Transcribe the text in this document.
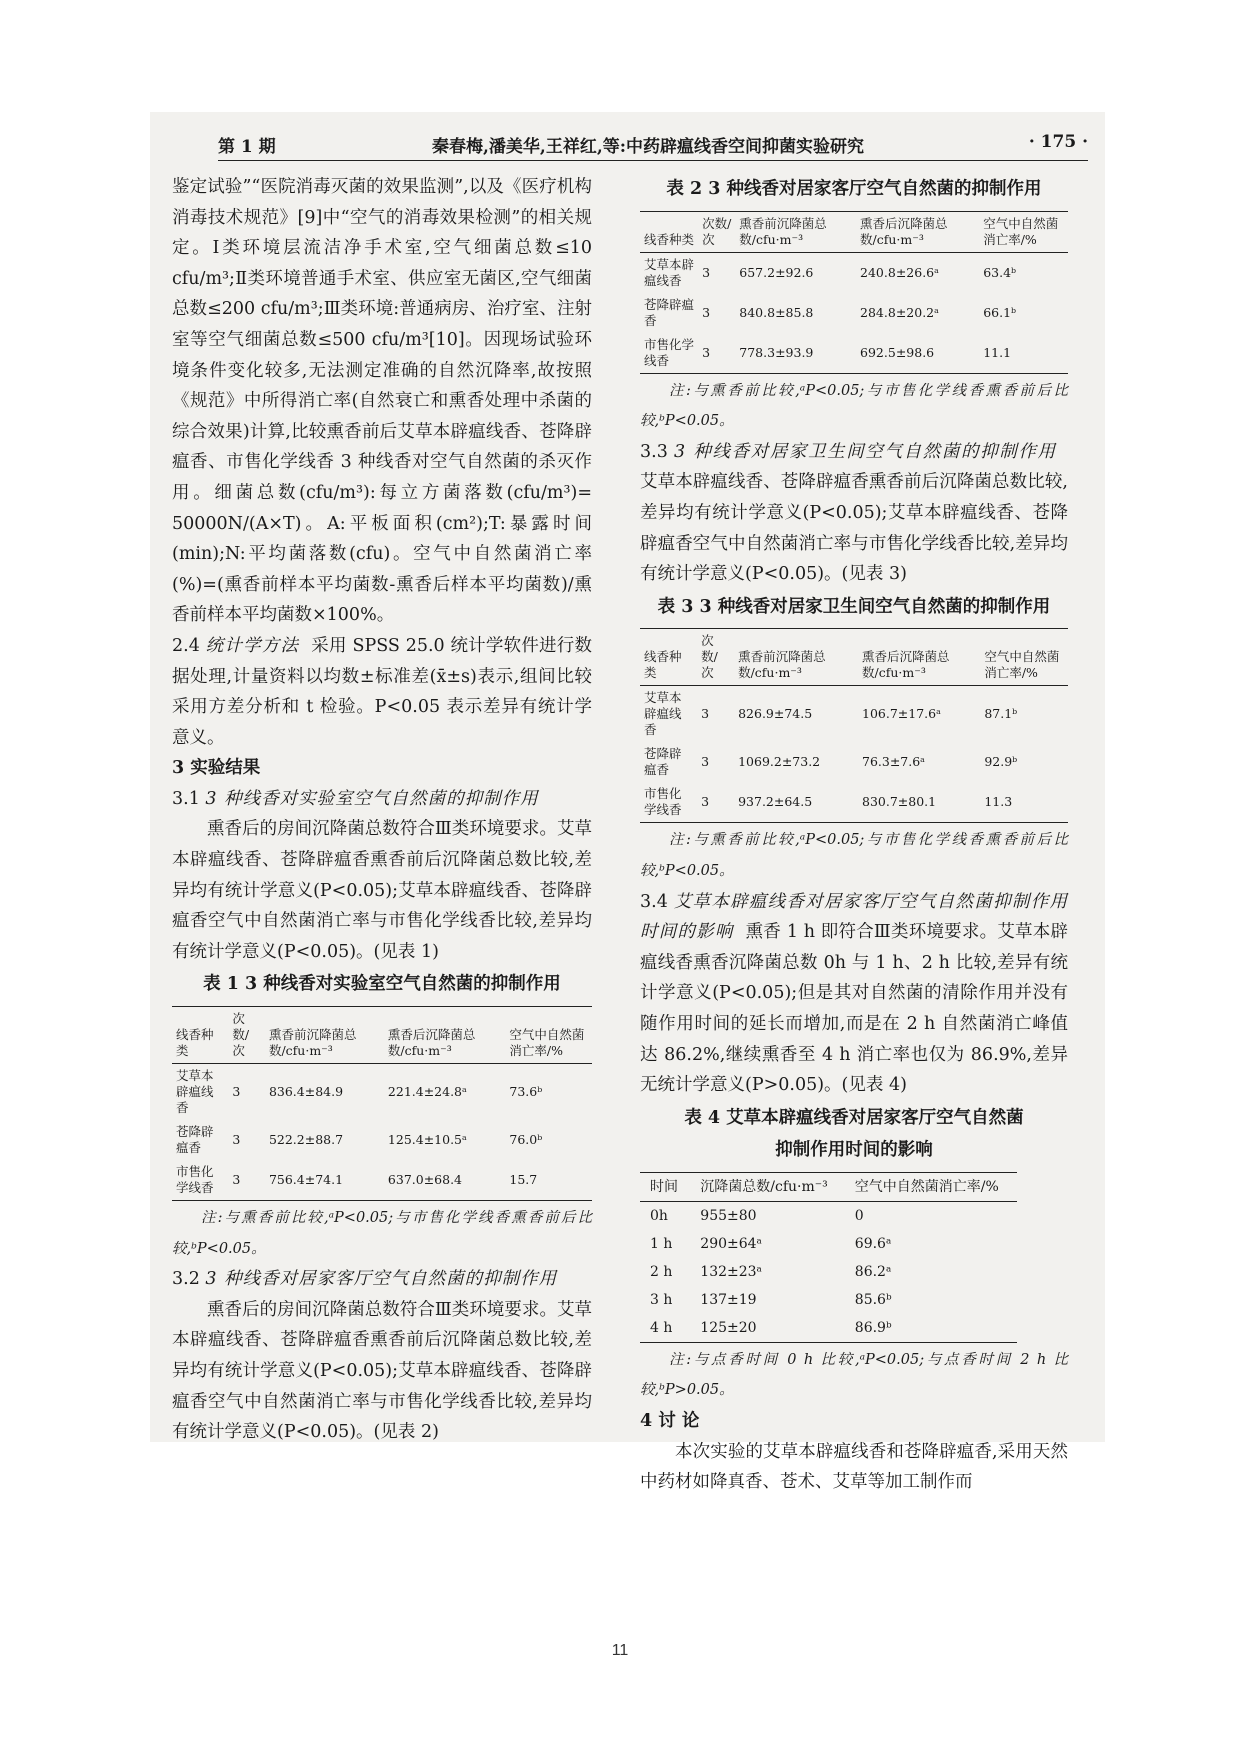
第 1 期	秦春梅,潘美华,王祥红,等:中药辟瘟线香空间抑菌实验研究	· 175 ·

鉴定试验”“医院消毒灭菌的效果监测”,以及《医疗机构消毒技术规范》[9]中“空气的消毒效果检测”的相关规定。Ⅰ类环境层流洁净手术室,空气细菌总数≤10 cfu/m³;Ⅱ类环境普通手术室、供应室无菌区,空气细菌总数≤200 cfu/m³;Ⅲ类环境:普通病房、治疗室、注射室等空气细菌总数≤500 cfu/m³[10]。因现场试验环境条件变化较多,无法测定准确的自然沉降率,故按照《规范》中所得消亡率(自然衰亡和熏香处理中杀菌的综合效果)计算,比较熏香前后艾草本辟瘟线香、苍降辟瘟香、市售化学线香 3 种线香对空气自然菌的杀灭作用。细菌总数(cfu/m³):每立方菌落数(cfu/m³)= 50000N/(A×T)。A:平板面积(cm²);T:暴露时间(min);N:平均菌落数(cfu)。空气中自然菌消亡率(%)=(熏香前样本平均菌数-熏香后样本平均菌数)/熏香前样本平均菌数×100%。

2.4 统计学方法 采用 SPSS 25.0 统计学软件进行数据处理,计量资料以均数±标准差(x̄±s)表示,组间比较采用方差分析和 t 检验。P<0.05 表示差异有统计学意义。

3 实验结果

3.1 3 种线香对实验室空气自然菌的抑制作用

熏香后的房间沉降菌总数符合Ⅲ类环境要求。艾草本辟瘟线香、苍降辟瘟香熏香前后沉降菌总数比较,差异均有统计学意义(P<0.05);艾草本辟瘟线香、苍降辟瘟香空气中自然菌消亡率与市售化学线香比较,差异均有统计学意义(P<0.05)。(见表 1)

表 1 3 种线香对实验室空气自然菌的抑制作用
线香种类	次数/次	熏香前沉降菌总数/cfu·m⁻³	熏香后沉降菌总数/cfu·m⁻³	空气中自然菌消亡率/%
艾草本辟瘟线香	3	836.4±84.9	221.4±24.8ᵃ	73.6ᵇ
苍降辟瘟香	3	522.2±88.7	125.4±10.5ᵃ	76.0ᵇ
市售化学线香	3	756.4±74.1	637.0±68.4	15.7

注:与熏香前比较,ᵃP<0.05;与市售化学线香熏香前后比较,ᵇP<0.05。

3.2 3 种线香对居家客厅空气自然菌的抑制作用

熏香后的房间沉降菌总数符合Ⅲ类环境要求。艾草本辟瘟线香、苍降辟瘟香熏香前后沉降菌总数比较,差异均有统计学意义(P<0.05);艾草本辟瘟线香、苍降辟瘟香空气中自然菌消亡率与市售化学线香比较,差异均有统计学意义(P<0.05)。(见表 2)

表 2 3 种线香对居家客厅空气自然菌的抑制作用
线香种类	次数/次	熏香前沉降菌总数/cfu·m⁻³	熏香后沉降菌总数/cfu·m⁻³	空气中自然菌消亡率/%
艾草本辟瘟线香	3	657.2±92.6	240.8±26.6ᵃ	63.4ᵇ
苍降辟瘟香	3	840.8±85.8	284.8±20.2ᵃ	66.1ᵇ
市售化学线香	3	778.3±93.9	692.5±98.6	11.1

注:与熏香前比较,ᵃP<0.05;与市售化学线香熏香前后比较,ᵇP<0.05。

3.3 3 种线香对居家卫生间空气自然菌的抑制作用艾草本辟瘟线香、苍降辟瘟香熏香前后沉降菌总数比较,差异均有统计学意义(P<0.05);艾草本辟瘟线香、苍降辟瘟香空气中自然菌消亡率与市售化学线香比较,差异均有统计学意义(P<0.05)。(见表 3)

表 3 3 种线香对居家卫生间空气自然菌的抑制作用
线香种类	次数/次	熏香前沉降菌总数/cfu·m⁻³	熏香后沉降菌总数/cfu·m⁻³	空气中自然菌消亡率/%
艾草本辟瘟线香	3	826.9±74.5	106.7±17.6ᵃ	87.1ᵇ
苍降辟瘟香	3	1069.2±73.2	76.3±7.6ᵃ	92.9ᵇ
市售化学线香	3	937.2±64.5	830.7±80.1	11.3

注:与熏香前比较,ᵃP<0.05;与市售化学线香熏香前后比较,ᵇP<0.05。

3.4 艾草本辟瘟线香对居家客厅空气自然菌抑制作用时间的影响 熏香 1 h 即符合Ⅲ类环境要求。艾草本辟瘟线香熏香沉降菌总数 0h 与 1 h、2 h 比较,差异有统计学意义(P<0.05);但是其对自然菌的清除作用并没有随作用时间的延长而增加,而是在 2 h 自然菌消亡峰值达 86.2%,继续熏香至 4 h 消亡率也仅为 86.9%,差异无统计学意义(P>0.05)。(见表 4)

表 4 艾草本辟瘟线香对居家客厅空气自然菌
抑制作用时间的影响
时间	沉降菌总数/cfu·m⁻³	空气中自然菌消亡率/%
0h	955±80	0
1 h	290±64ᵃ	69.6ᵃ
2 h	132±23ᵃ	86.2ᵃ
3 h	137±19	85.6ᵇ
4 h	125±20	86.9ᵇ

注:与点香时间 0 h 比较,ᵃP<0.05;与点香时间 2 h 比较,ᵇP>0.05。

4 讨 论

本次实验的艾草本辟瘟线香和苍降辟瘟香,采用天然中药材如降真香、苍术、艾草等加工制作而

11
